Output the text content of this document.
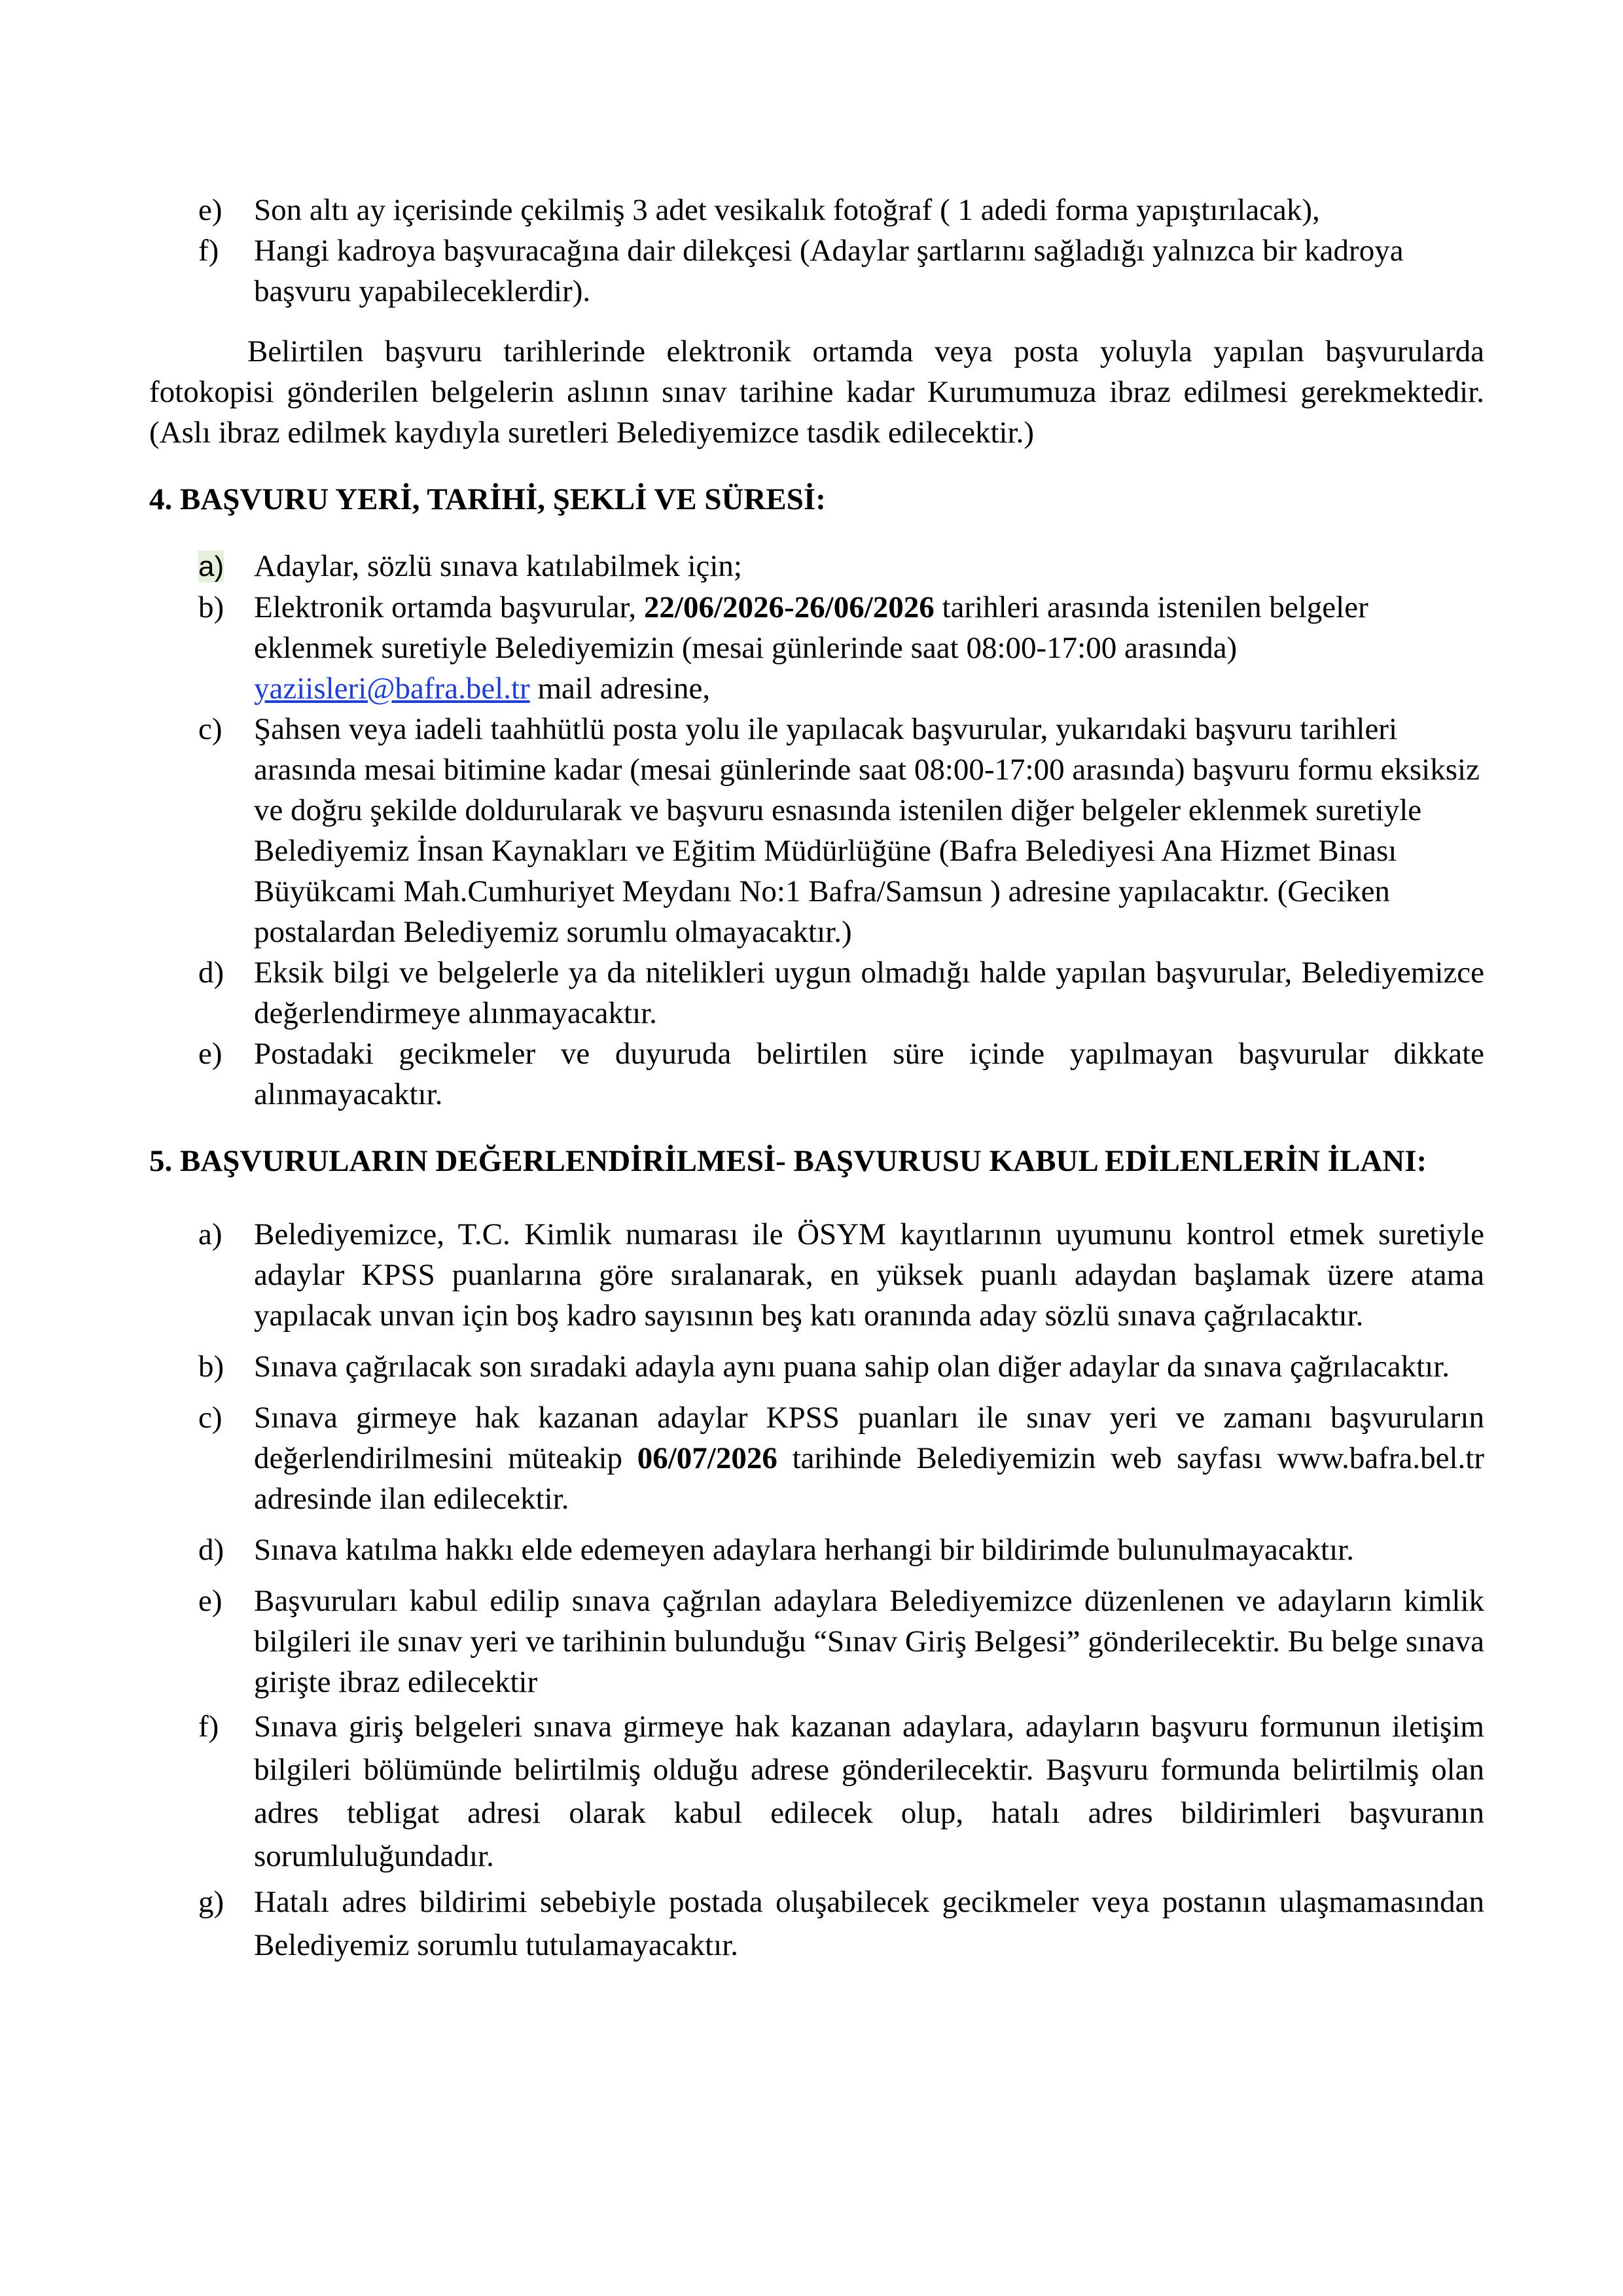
e)	Son altı ay içerisinde çekilmiş 3 adet vesikalık fotoğraf ( 1 adedi forma yapıştırılacak),
f)	Hangi kadroya başvuracağına dair dilekçesi (Adaylar şartlarını sağladığı yalnızca bir kadroya başvuru yapabileceklerdir).
Belirtilen başvuru tarihlerinde elektronik ortamda veya posta yoluyla yapılan başvurularda fotokopisi gönderilen belgelerin aslının sınav tarihine kadar Kurumumuza ibraz edilmesi gerekmektedir. (Aslı ibraz edilmek kaydıyla suretleri Belediyemizce tasdik edilecektir.)
4. BAŞVURU YERİ, TARİHİ, ŞEKLİ VE SÜRESİ:
a) Adaylar, sözlü sınava katılabilmek için;
b) Elektronik ortamda başvurular, 22/06/2026-26/06/2026 tarihleri arasında istenilen belgeler eklenmek suretiyle Belediyemizin (mesai günlerinde saat 08:00-17:00 arasında) yaziisleri@bafra.bel.tr mail adresine,
c)	Şahsen veya iadeli taahhütlü posta yolu ile yapılacak başvurular, yukarıdaki başvuru tarihleri arasında mesai bitimine kadar (mesai günlerinde saat 08:00-17:00 arasında) başvuru formu eksiksiz ve doğru şekilde doldurularak ve başvuru esnasında istenilen diğer belgeler eklenmek suretiyle Belediyemiz İnsan Kaynakları ve Eğitim Müdürlüğüne (Bafra Belediyesi Ana Hizmet Binası Büyükcami Mah.Cumhuriyet Meydanı No:1 Bafra/Samsun ) adresine yapılacaktır. (Geciken postalardan Belediyemiz sorumlu olmayacaktır.)
d) Eksik bilgi ve belgelerle ya da nitelikleri uygun olmadığı halde yapılan başvurular, Belediyemizce değerlendirmeye alınmayacaktır.
e)	Postadaki gecikmeler ve duyuruda belirtilen süre içinde yapılmayan başvurular dikkate alınmayacaktır.
5. BAŞVURULARIN DEĞERLENDİRİLMESİ- BAŞVURUSU KABUL EDİLENLERİN İLANI:
a)	Belediyemizce, T.C. Kimlik numarası ile ÖSYM kayıtlarının uyumunu kontrol etmek suretiyle adaylar KPSS puanlarına göre sıralanarak, en yüksek puanlı adaydan başlamak üzere atama yapılacak unvan için boş kadro sayısının beş katı oranında aday sözlü sınava çağrılacaktır.
b) Sınava çağrılacak son sıradaki adayla aynı puana sahip olan diğer adaylar da sınava çağrılacaktır.
c)	Sınava girmeye hak kazanan adaylar KPSS puanları ile sınav yeri ve zamanı başvuruların değerlendirilmesini müteakip 06/07/2026 tarihinde Belediyemizin web sayfası www.bafra.bel.tr adresinde ilan edilecektir.
d) Sınava katılma hakkı elde edemeyen adaylara herhangi bir bildirimde bulunulmayacaktır.
e)	Başvuruları kabul edilip sınava çağrılan adaylara Belediyemizce düzenlenen ve adayların kimlik bilgileri ile sınav yeri ve tarihinin bulunduğu “Sınav Giriş Belgesi” gönderilecektir. Bu belge sınava girişte ibraz edilecektir
f)	Sınava giriş belgeleri sınava girmeye hak kazanan adaylara, adayların başvuru formunun iletişim bilgileri bölümünde belirtilmiş olduğu adrese gönderilecektir. Başvuru formunda belirtilmiş olan adres tebligat adresi olarak kabul edilecek olup, hatalı adres bildirimleri başvuranın sorumluluğundadır.
g) Hatalı adres bildirimi sebebiyle postada oluşabilecek gecikmeler veya postanın ulaşmamasından Belediyemiz sorumlu tutulamayacaktır.
